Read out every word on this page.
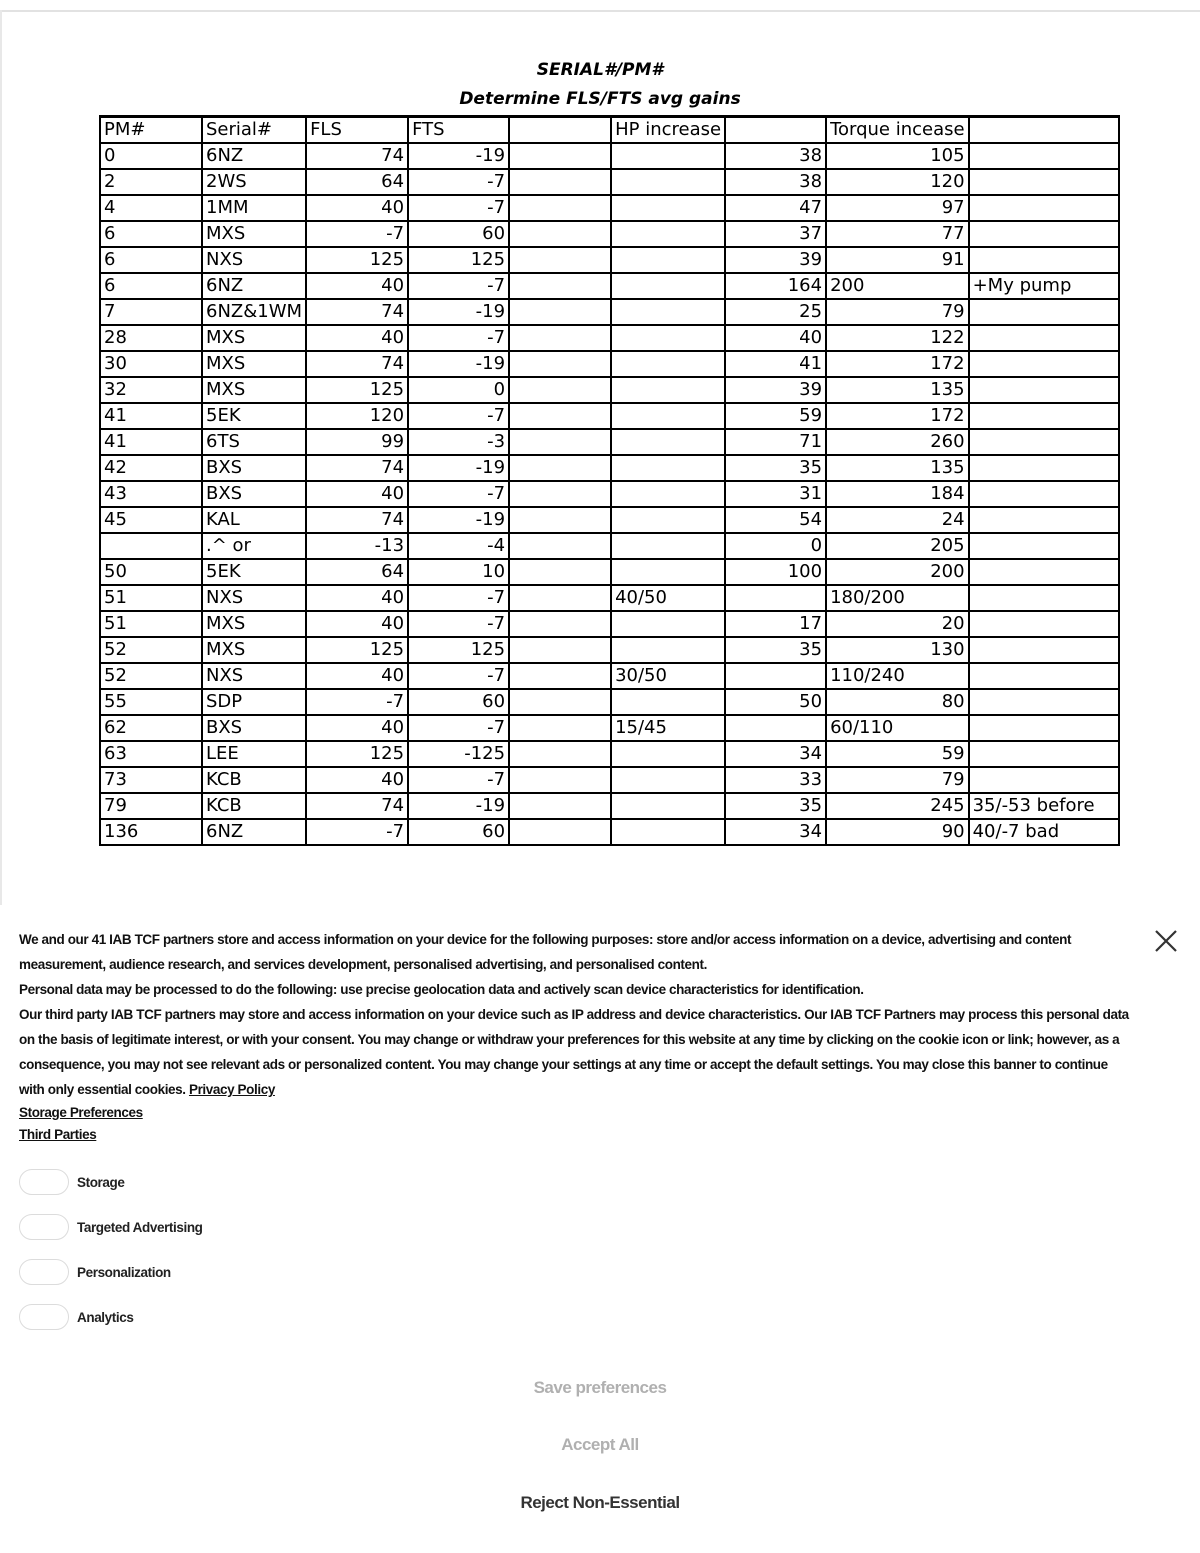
SERIAL#/PM#
Determine FLS/FTS avg gains
PM#	Serial#	FLS	FTS		HP increase		Torque incease	
0	6NZ	74	-19			38	105	
2	2WS	64	-7			38	120	
4	1MM	40	-7			47	97	
6	MXS	-7	60			37	77	
6	NXS	125	125			39	91	
6	6NZ	40	-7			164	200	+My pump
7	6NZ&1WM	74	-19			25	79	
28	MXS	40	-7			40	122	
30	MXS	74	-19			41	172	
32	MXS	125	0			39	135	
41	5EK	120	-7			59	172	
41	6TS	99	-3			71	260	
42	BXS	74	-19			35	135	
43	BXS	40	-7			31	184	
45	KAL	74	-19			54	24	
	.^ or	-13	-4			0	205	
50	5EK	64	10			100	200	
51	NXS	40	-7		40/50		180/200	
51	MXS	40	-7			17	20	
52	MXS	125	125			35	130	
52	NXS	40	-7		30/50		110/240	
55	SDP	-7	60			50	80	
62	BXS	40	-7		15/45		60/110	
63	LEE	125	-125			34	59	
73	KCB	40	-7			33	79	
79	KCB	74	-19			35	245	35/-53 before
136	6NZ	-7	60			34	90	40/-7 bad

We and our 41 IAB TCF partners store and access information on your device for the following purposes: store and/or access information on a device, advertising and content measurement, audience research, and services development, personalised advertising, and personalised content.

Personal data may be processed to do the following: use precise geolocation data and actively scan device characteristics for identification.

Our third party IAB TCF partners may store and access information on your device such as IP address and device characteristics. Our IAB TCF Partners may process this personal data on the basis of legitimate interest, or with your consent. You may change or withdraw your preferences for this website at any time by clicking on the cookie icon or link; however, as a consequence, you may not see relevant ads or personalized content. You may change your settings at any time or accept the default settings. You may close this banner to continue with only essential cookies. Privacy Policy

Storage Preferences

Third Parties

Storage
Targeted Advertising
Personalization
Analytics
Save preferences
Accept All
Reject Non-Essential
